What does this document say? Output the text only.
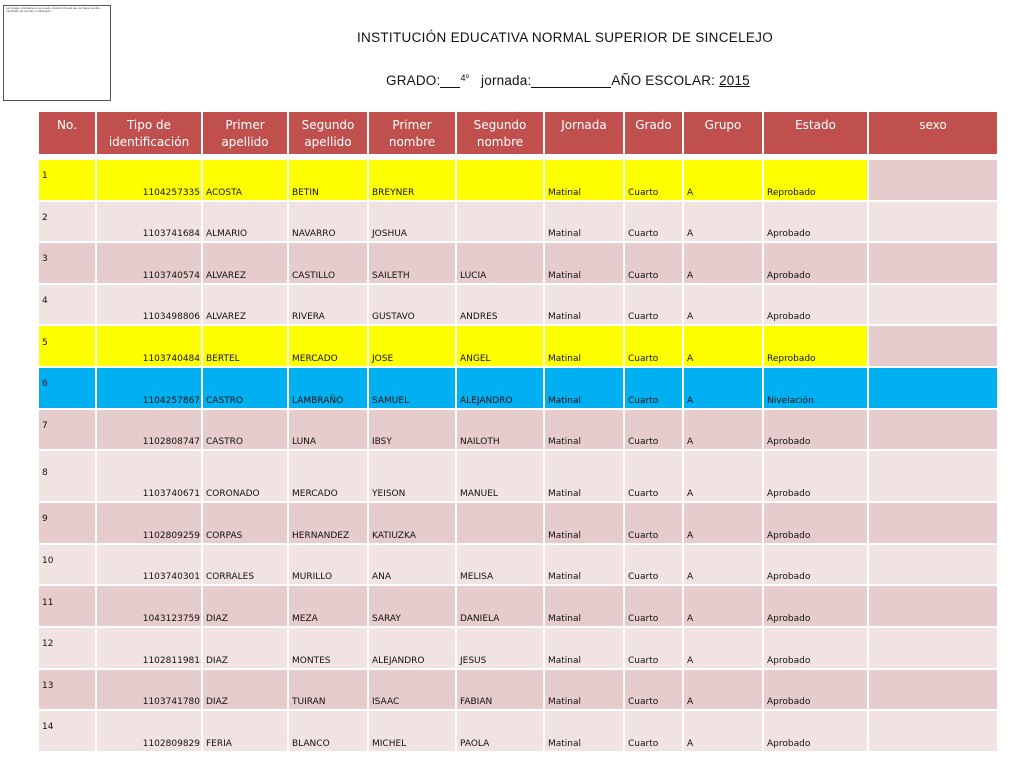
La imagen vinculada no se puede mostrar. Puede que se haya movido, cambiado de nombre o eliminado.
INSTITUCIÓN EDUCATIVA NORMAL SUPERIOR DE SINCELEJO
GRADO: $^{4º}$ jornada:	AÑO ESCOLAR: 2015
No.	Tipo de identificación	Primer apellido	Segundo apellido	Primer nombre	Segundo nombre	Jornada	Grado	Grupo	Estado	sexo

1	1104257335	ACOSTA	BETIN	BREYNER		Matinal	Cuarto	A	Reprobado	
2	1103741684	ALMARIO	NAVARRO	JOSHUA		Matinal	Cuarto	A	Aprobado	
3	1103740574	ALVAREZ	CASTILLO	SAILETH	LUCIA	Matinal	Cuarto	A	Aprobado	
4	1103498806	ALVAREZ	RIVERA	GUSTAVO	ANDRES	Matinal	Cuarto	A	Aprobado	
5	1103740484	BERTEL	MERCADO	JOSE	ANGEL	Matinal	Cuarto	A	Reprobado	
6	1104257867	CASTRO	LAMBRAÑO	SAMUEL	ALEJANDRO	Matinal	Cuarto	A	Nivelación	
7	1102808747	CASTRO	LUNA	IBSY	NAILOTH	Matinal	Cuarto	A	Aprobado	
8	1103740671	CORONADO	MERCADO	YEISON	MANUEL	Matinal	Cuarto	A	Aprobado	
9	1102809259	CORPAS	HERNANDEZ	KATIUZKA		Matinal	Cuarto	A	Aprobado	
10	1103740301	CORRALES	MURILLO	ANA	MELISA	Matinal	Cuarto	A	Aprobado	
11	1043123759	DIAZ	MEZA	SARAY	DANIELA	Matinal	Cuarto	A	Aprobado	
12	1102811981	DIAZ	MONTES	ALEJANDRO	JESUS	Matinal	Cuarto	A	Aprobado	
13	1103741780	DIAZ	TUIRAN	ISAAC	FABIAN	Matinal	Cuarto	A	Aprobado	
14	1102809829	FERIA	BLANCO	MICHEL	PAOLA	Matinal	Cuarto	A	Aprobado	
